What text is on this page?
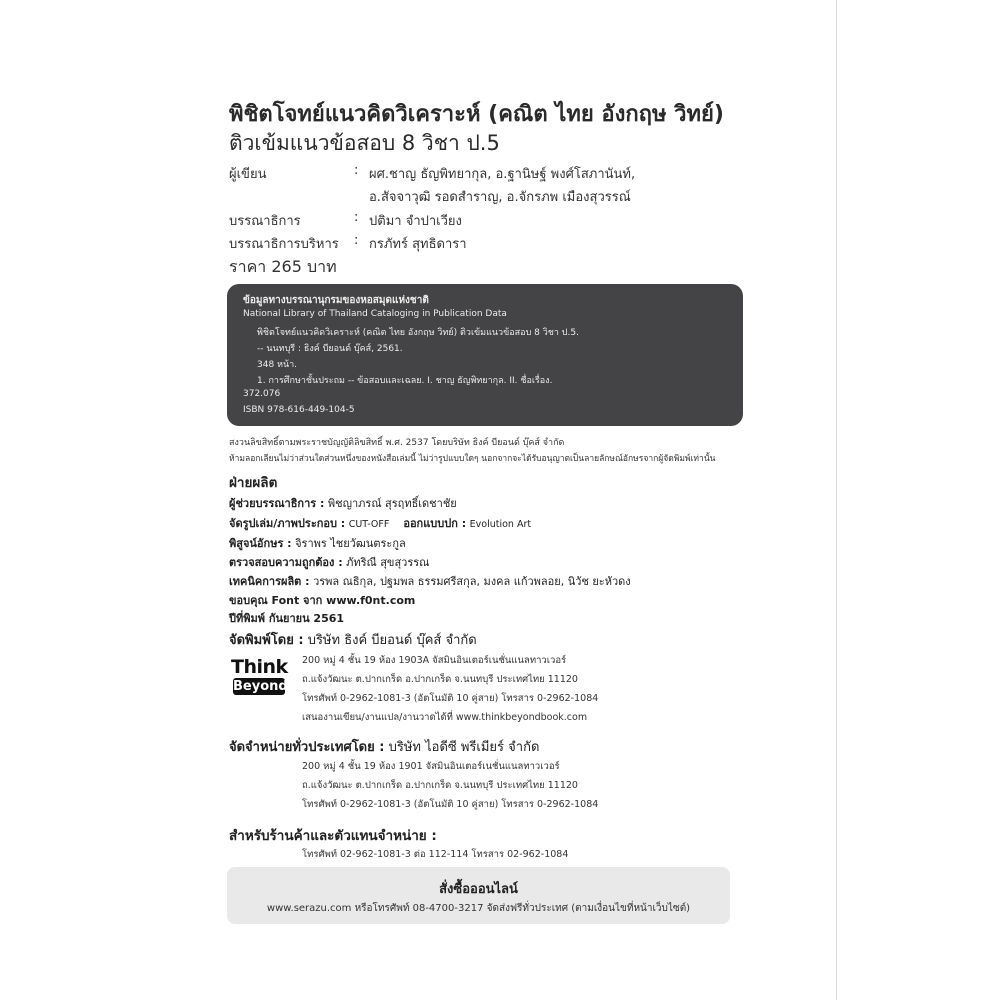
พิชิตโจทย์แนวคิดวิเคราะห์ (คณิต ไทย อังกฤษ วิทย์)
ติวเข้มแนวข้อสอบ 8 วิชา ป.5
ผู้เขียน	: ผศ.ชาญ ธัญพิทยากุล, อ.ฐานิษฐ์ พงศ์โสภานันท์,
อ.สัจจาวุฒิ รอดสำราญ, อ.จักรภพ เมืองสุวรรณ์
บรรณาธิการ	: ปติมา จำปาเวียง
บรรณาธิการบริหาร : กรภัทร์ สุทธิดารา
ราคา 265 บาท
ข้อมูลทางบรรณานุกรมของหอสมุดแห่งชาติ
National Library of Thailand Cataloging in Publication Data
พิชิตโจทย์แนวคิดวิเคราะห์ (คณิต ไทย อังกฤษ วิทย์) ติวเข้มแนวข้อสอบ 8 วิชา ป.5.
-- นนทบุรี : ธิงค์ บียอนด์ บุ๊คส์, 2561.
348 หน้า.
1. การศึกษาชั้นประถม -- ข้อสอบและเฉลย. I. ชาญ ธัญพิทยากุล. II. ชื่อเรื่อง.
372.076
ISBN 978-616-449-104-5
สงวนลิขสิทธิ์ตามพระราชบัญญัติลิขสิทธิ์ พ.ศ. 2537 โดยบริษัท ธิงค์ บียอนด์ บุ๊คส์ จำกัด
ห้ามลอกเลียนไม่ว่าส่วนใดส่วนหนึ่งของหนังสือเล่มนี้ ไม่ว่ารูปแบบใดๆ นอกจากจะได้รับอนุญาตเป็นลายลักษณ์อักษรจากผู้จัดพิมพ์เท่านั้น
ฝ่ายผลิต
ผู้ช่วยบรรณาธิการ : พิชญาภรณ์ สุรฤทธิ์เดชาชัย
จัดรูปเล่ม/ภาพประกอบ : CUT-OFF ออกแบบปก : Evolution Art
พิสูจน์อักษร : จิราพร ไชยวัฒนตระกูล
ตรวจสอบความถูกต้อง : ภัทริณี สุขสุวรรณ
เทคนิคการผลิต : วรพล ณธิกุล, ปฐมพล ธรรมศรีสกุล, มงคล แก้วพลอย, นิวัช ยะหัวดง
ขอบคุณ Font จาก www.f0nt.com
ปีที่พิมพ์ กันยายน 2561
จัดพิมพ์โดย : บริษัท ธิงค์ บียอนด์ บุ๊คส์ จำกัด
Think
Beyond
200 หมู่ 4 ชั้น 19 ห้อง 1903A จัสมินอินเตอร์เนชั่นแนลทาวเวอร์
ถ.แจ้งวัฒนะ ต.ปากเกร็ด อ.ปากเกร็ด จ.นนทบุรี ประเทศไทย 11120
โทรศัพท์ 0-2962-1081-3 (อัตโนมัติ 10 คู่สาย) โทรสาร 0-2962-1084
เสนองานเขียน/งานแปล/งานวาดได้ที่ www.thinkbeyondbook.com
จัดจำหน่ายทั่วประเทศโดย : บริษัท ไอดีซี พรีเมียร์ จำกัด
200 หมู่ 4 ชั้น 19 ห้อง 1901 จัสมินอินเตอร์เนชั่นแนลทาวเวอร์
ถ.แจ้งวัฒนะ ต.ปากเกร็ด อ.ปากเกร็ด จ.นนทบุรี ประเทศไทย 11120
โทรศัพท์ 0-2962-1081-3 (อัตโนมัติ 10 คู่สาย) โทรสาร 0-2962-1084
สำหรับร้านค้าและตัวแทนจำหน่าย :
โทรศัพท์ 02-962-1081-3 ต่อ 112-114 โทรสาร 02-962-1084
สั่งซื้อออนไลน์
www.serazu.com หรือโทรศัพท์ 08-4700-3217 จัดส่งฟรีทั่วประเทศ (ตามเงื่อนไขที่หน้าเว็บไซต์)
